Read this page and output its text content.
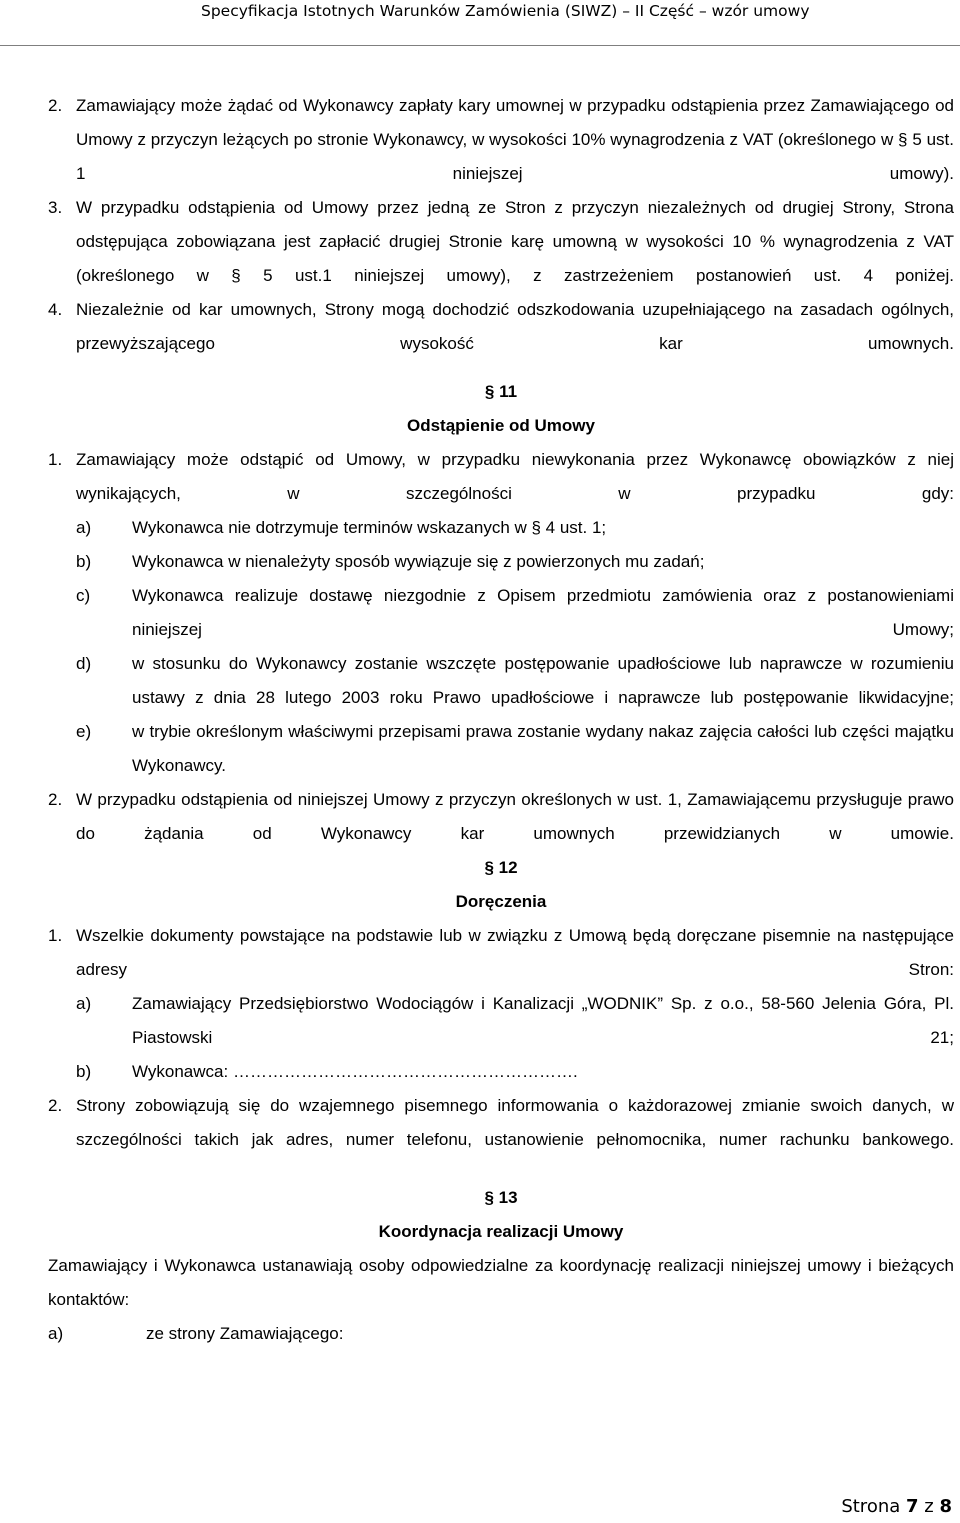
Specyfikacja Istotnych Warunków Zamówienia (SIWZ) – II Część – wzór umowy
2. Zamawiający może żądać od Wykonawcy zapłaty kary umownej w przypadku odstąpienia przez Zamawiającego od Umowy z przyczyn leżących po stronie Wykonawcy, w wysokości 10% wynagrodzenia z VAT (określonego w § 5 ust. 1 niniejszej umowy).
3. W przypadku odstąpienia od Umowy przez jedną ze Stron z przyczyn niezależnych od drugiej Strony, Strona odstępująca zobowiązana jest zapłacić drugiej Stronie karę umowną w wysokości 10 % wynagrodzenia z VAT (określonego w § 5 ust.1 niniejszej umowy), z zastrzeżeniem postanowień ust. 4 poniżej.
4. Niezależnie od kar umownych, Strony mogą dochodzić odszkodowania uzupełniającego na zasadach ogólnych, przewyższającego wysokość kar umownych.
§ 11
Odstąpienie od Umowy
1. Zamawiający może odstąpić od Umowy, w przypadku niewykonania przez Wykonawcę obowiązków z niej wynikających, w szczególności w przypadku gdy:
a)	Wykonawca nie dotrzymuje terminów wskazanych w § 4 ust. 1;
b)	Wykonawca w nienależyty sposób wywiązuje się z powierzonych mu zadań;
c)	Wykonawca realizuje dostawę niezgodnie z Opisem przedmiotu zamówienia oraz z postanowieniami niniejszej Umowy;
d)	w stosunku do Wykonawcy zostanie wszczęte postępowanie upadłościowe lub naprawcze w rozumieniu ustawy z dnia 28 lutego 2003 roku Prawo upadłościowe i naprawcze lub postępowanie likwidacyjne;
e)	w trybie określonym właściwymi przepisami prawa zostanie wydany nakaz zajęcia całości lub części majątku Wykonawcy.
2. W przypadku odstąpienia od niniejszej Umowy z przyczyn określonych w ust. 1, Zamawiającemu przysługuje prawo do żądania od Wykonawcy kar umownych przewidzianych w umowie.
§ 12
Doręczenia
1. Wszelkie dokumenty powstające na podstawie lub w związku z Umową będą doręczane pisemnie na następujące adresy Stron:
a)	Zamawiający Przedsiębiorstwo Wodociągów i Kanalizacji „WODNIK” Sp. z o.o., 58-560 Jelenia Góra, Pl. Piastowski 21;
b)	Wykonawca: …………………………………………………….
2. Strony zobowiązują się do wzajemnego pisemnego informowania o każdorazowej zmianie swoich danych, w szczególności takich jak adres, numer telefonu, ustanowienie pełnomocnika, numer rachunku bankowego.
§ 13
Koordynacja realizacji Umowy
Zamawiający i Wykonawca ustanawiają osoby odpowiedzialne za koordynację realizacji niniejszej umowy i bieżących kontaktów:
a)	ze strony Zamawiającego:
Strona 7 z 8
